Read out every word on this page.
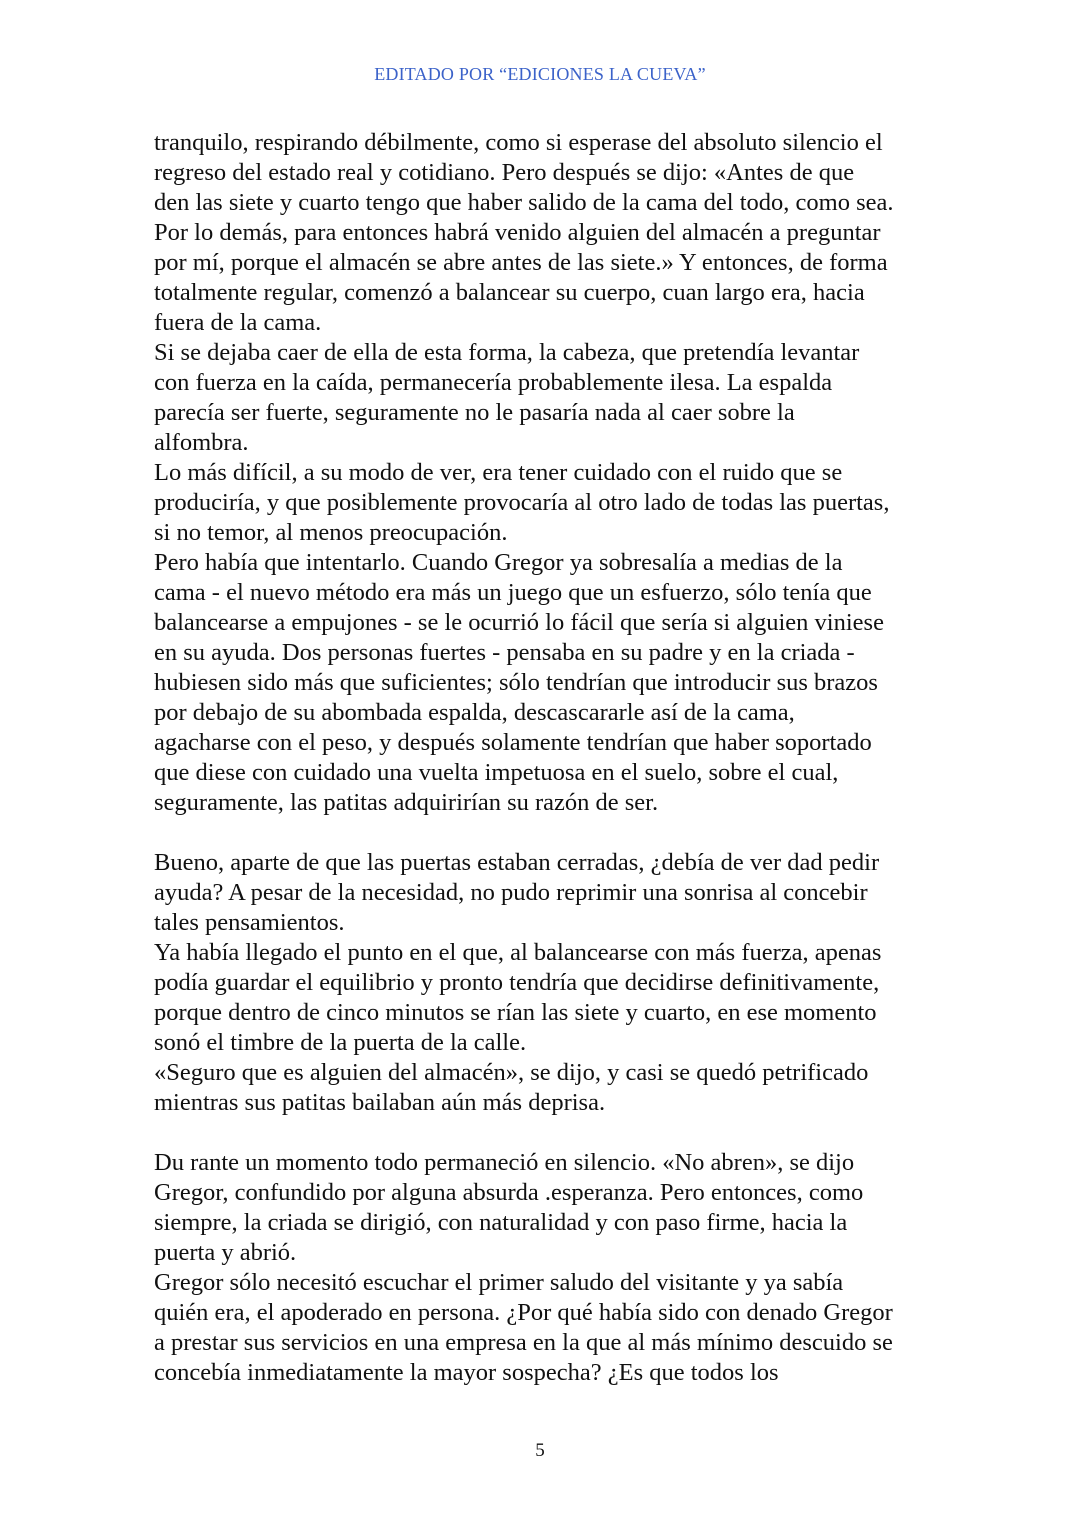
EDITADO POR “EDICIONES LA CUEVA”

tranquilo, respirando débilmente, como si esperase del absoluto silencio el
regreso del estado real y cotidiano. Pero después se dijo: «Antes de que
den las siete y cuarto tengo que haber salido de la cama del todo, como sea.
Por lo demás, para entonces habrá venido alguien del almacén a preguntar
por mí, porque el almacén se abre antes de las siete.» Y entonces, de forma
totalmente regular, comenzó a balancear su cuerpo, cuan largo era, hacia
fuera de la cama.

Si se dejaba caer de ella de esta forma, la cabeza, que pretendía levantar
con fuerza en la caída, permanecería probablemente ilesa. La espalda
parecía ser fuerte, seguramente no le pasaría nada al caer sobre la
alfombra.

Lo más difícil, a su modo de ver, era tener cuidado con el ruido que se
produciría, y que posiblemente provocaría al otro lado de todas las puertas,
si no temor, al menos preocupación.

Pero había que intentarlo. Cuando Gregor ya sobresalía a medias de la
cama - el nuevo método era más un juego que un esfuerzo, sólo tenía que
balancearse a empujones - se le ocurrió lo fácil que sería si alguien viniese
en su ayuda. Dos personas fuertes - pensaba en su padre y en la criada -
hubiesen sido más que suficientes; sólo tendrían que introducir sus brazos
por debajo de su abombada espalda, descascararle así de la cama,
agacharse con el peso, y después solamente tendrían que haber soportado
que diese con cuidado una vuelta impetuosa en el suelo, sobre el cual,
seguramente, las patitas adquirirían su razón de ser.

Bueno, aparte de que las puertas estaban cerradas, ¿debía de ver dad pedir
ayuda? A pesar de la necesidad, no pudo reprimir una sonrisa al concebir
tales pensamientos.

Ya había llegado el punto en el que, al balancearse con más fuerza, apenas
podía guardar el equilibrio y pronto tendría que decidirse definitivamente,
porque dentro de cinco minutos se rían las siete y cuarto, en ese momento
sonó el timbre de la puerta de la calle.

«Seguro que es alguien del almacén», se dijo, y casi se quedó petrificado
mientras sus patitas bailaban aún más deprisa.

Du rante un momento todo permaneció en silencio. «No abren», se dijo
Gregor, confundido por alguna absurda .esperanza. Pero entonces, como
siempre, la criada se dirigió, con naturalidad y con paso firme, hacia la
puerta y abrió.

Gregor sólo necesitó escuchar el primer saludo del visitante y ya sabía
quién era, el apoderado en persona. ¿Por qué había sido con denado Gregor
a prestar sus servicios en una empresa en la que al más mínimo descuido se
concebía inmediatamente la mayor sospecha? ¿Es que todos los

5
